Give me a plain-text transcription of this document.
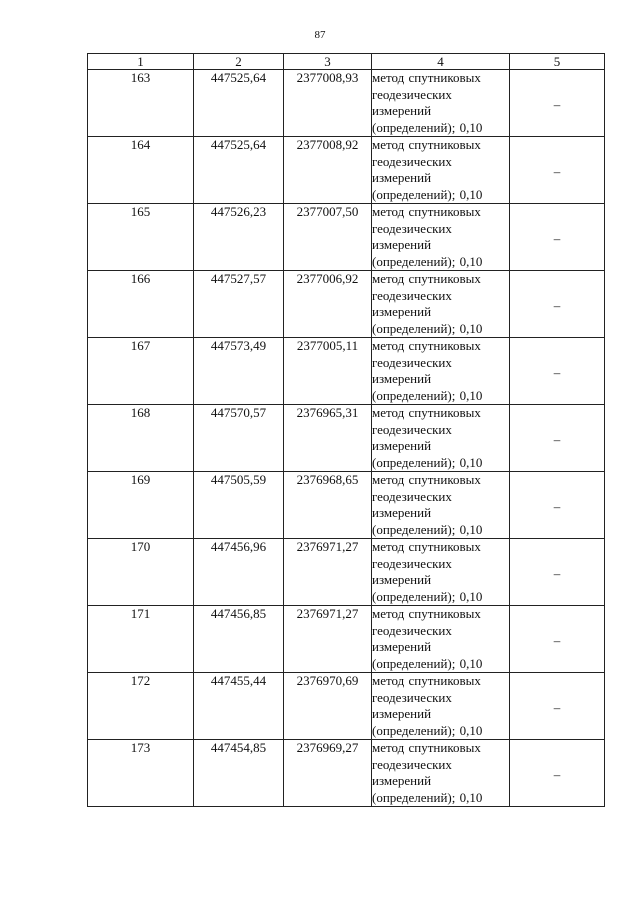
87
1	2	3	4	5
163	447525,64	2377008,93	метод спутниковых геодезических измерений (определений); 0,10	–
164	447525,64	2377008,92	метод спутниковых геодезических измерений (определений); 0,10	–
165	447526,23	2377007,50	метод спутниковых геодезических измерений (определений); 0,10	–
166	447527,57	2377006,92	метод спутниковых геодезических измерений (определений); 0,10	–
167	447573,49	2377005,11	метод спутниковых геодезических измерений (определений); 0,10	–
168	447570,57	2376965,31	метод спутниковых геодезических измерений (определений); 0,10	–
169	447505,59	2376968,65	метод спутниковых геодезических измерений (определений); 0,10	–
170	447456,96	2376971,27	метод спутниковых геодезических измерений (определений); 0,10	–
171	447456,85	2376971,27	метод спутниковых геодезических измерений (определений); 0,10	–
172	447455,44	2376970,69	метод спутниковых геодезических измерений (определений); 0,10	–
173	447454,85	2376969,27	метод спутниковых геодезических измерений (определений); 0,10	–
